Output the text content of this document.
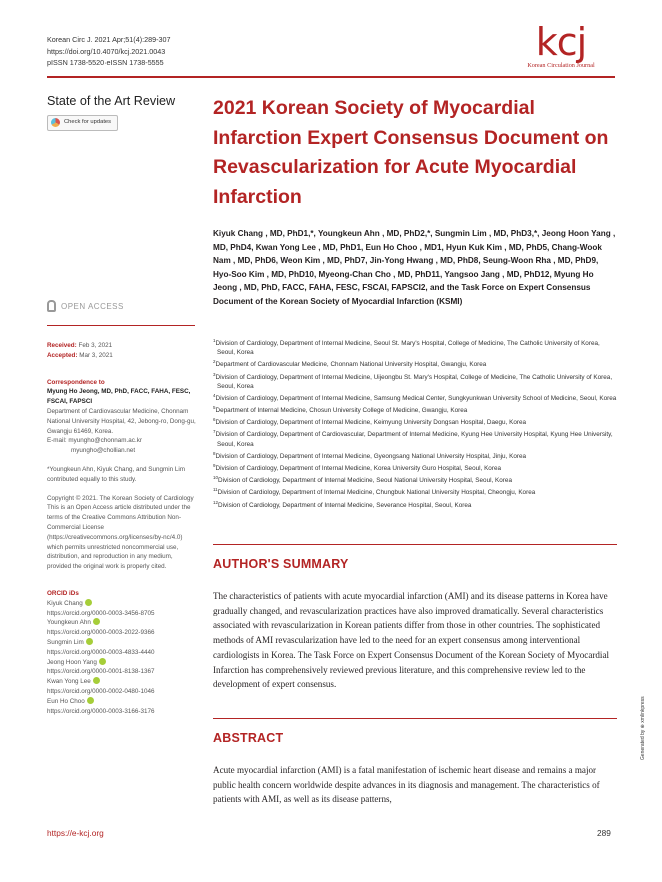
Korean Circ J. 2021 Apr;51(4):289-307
https://doi.org/10.4070/kcj.2021.0043
pISSN 1738-5520·eISSN 1738-5555	kcj
Korean Circulation Journal
State of the Art Review
Check for updates
OPEN ACCESS

Received: Feb 3, 2021

Accepted: Mar 3, 2021

Correspondence to

Myung Ho Jeong, MD, PhD, FACC, FAHA, FESC, FSCAI, FAPSCI

Department of Cardiovascular Medicine, Chonnam National University Hospital, 42, Jebong-ro, Dong-gu, Gwangju 61469, Korea.

E-mail: myungho@chonnam.ac.kr

myungho@chollian.net

*Youngkeun Ahn, Kiyuk Chang, and Sungmin Lim contributed equally to this study.

Copyright © 2021. The Korean Society of Cardiology

This is an Open Access article distributed under the terms of the Creative Commons Attribution Non-Commercial License (https://creativecommons.org/licenses/by-nc/4.0) which permits unrestricted noncommercial use, distribution, and reproduction in any medium, provided the original work is properly cited.

ORCID iDs

Kiyuk Chang
https://orcid.org/0000-0003-3456-8705
Youngkeun Ahn
https://orcid.org/0000-0003-2022-9366
Sungmin Lim
https://orcid.org/0000-0003-4833-4440
Jeong Hoon Yang
https://orcid.org/0000-0001-8138-1367
Kwan Yong Lee
https://orcid.org/0000-0002-0480-1046
Eun Ho Choo
https://orcid.org/0000-0003-3166-3176
2021 Korean Society of Myocardial Infarction Expert Consensus Document on Revascularization for Acute Myocardial Infarction
Kiyuk Chang , MD, PhD1,*, Youngkeun Ahn , MD, PhD2,*, Sungmin Lim , MD, PhD3,*, Jeong Hoon Yang , MD, PhD4, Kwan Yong Lee , MD, PhD1, Eun Ho Choo , MD1, Hyun Kuk Kim , MD, PhD5, Chang-Wook Nam , MD, PhD6, Weon Kim , MD, PhD7, Jin-Yong Hwang , MD, PhD8, Seung-Woon Rha , MD, PhD9, Hyo-Soo Kim , MD, PhD10, Myeong-Chan Cho , MD, PhD11, Yangsoo Jang , MD, PhD12, Myung Ho Jeong , MD, PhD, FACC, FAHA, FESC, FSCAI, FAPSCI2, and the Task Force on Expert Consensus Document of the Korean Society of Myocardial Infarction (KSMI)
$^1$Division of Cardiology, Department of Internal Medicine, Seoul St. Mary's Hospital, College of Medicine, The Catholic University of Korea, Seoul, Korea
$^2$Department of Cardiovascular Medicine, Chonnam National University Hospital, Gwangju, Korea
$^3$Division of Cardiology, Department of Internal Medicine, Uijeongbu St. Mary's Hospital, College of Medicine, The Catholic University of Korea, Seoul, Korea
$^4$Division of Cardiology, Department of Internal Medicine, Samsung Medical Center, Sungkyunkwan University School of Medicine, Seoul, Korea
$^5$Department of Internal Medicine, Chosun University College of Medicine, Gwangju, Korea
$^6$Division of Cardiology, Department of Internal Medicine, Keimyung University Dongsan Hospital, Daegu, Korea
$^7$Division of Cardiology, Department of Cardiovascular, Department of Internal Medicine, Kyung Hee University Hospital, Kyung Hee University, Seoul, Korea
$^8$Division of Cardiology, Department of Internal Medicine, Gyeongsang National University Hospital, Jinju, Korea
$^9$Division of Cardiology, Department of Internal Medicine, Korea University Guro Hospital, Seoul, Korea
$^{10}$Division of Cardiology, Department of Internal Medicine, Seoul National University Hospital, Seoul, Korea
$^{11}$Division of Cardiology, Department of Internal Medicine, Chungbuk National University Hospital, Cheongju, Korea
$^{12}$Division of Cardiology, Department of Internal Medicine, Severance Hospital, Seoul, Korea
AUTHOR'S SUMMARY
The characteristics of patients with acute myocardial infarction (AMI) and its disease patterns in Korea have gradually changed, and revascularization practices have also improved dramatically. Several characteristics associated with revascularization in Korean patients differ from those in other countries. The sophisticated methods of AMI revascularization have led to the need for an expert consensus among interventional cardiologists in Korea. The Task Force on Expert Consensus Document of the Korean Society of Myocardial Infarction has comprehensively reviewed previous literature, and this comprehensive review led to the development of expert consensus.
ABSTRACT
Acute myocardial infarction (AMI) is a fatal manifestation of ischemic heart disease and remains a major public health concern worldwide despite advances in its diagnosis and management. The characteristics of patients with AMI, as well as its disease patterns,
https://e-kcj.org	289
Generated by ⊕ xmlinkpress
